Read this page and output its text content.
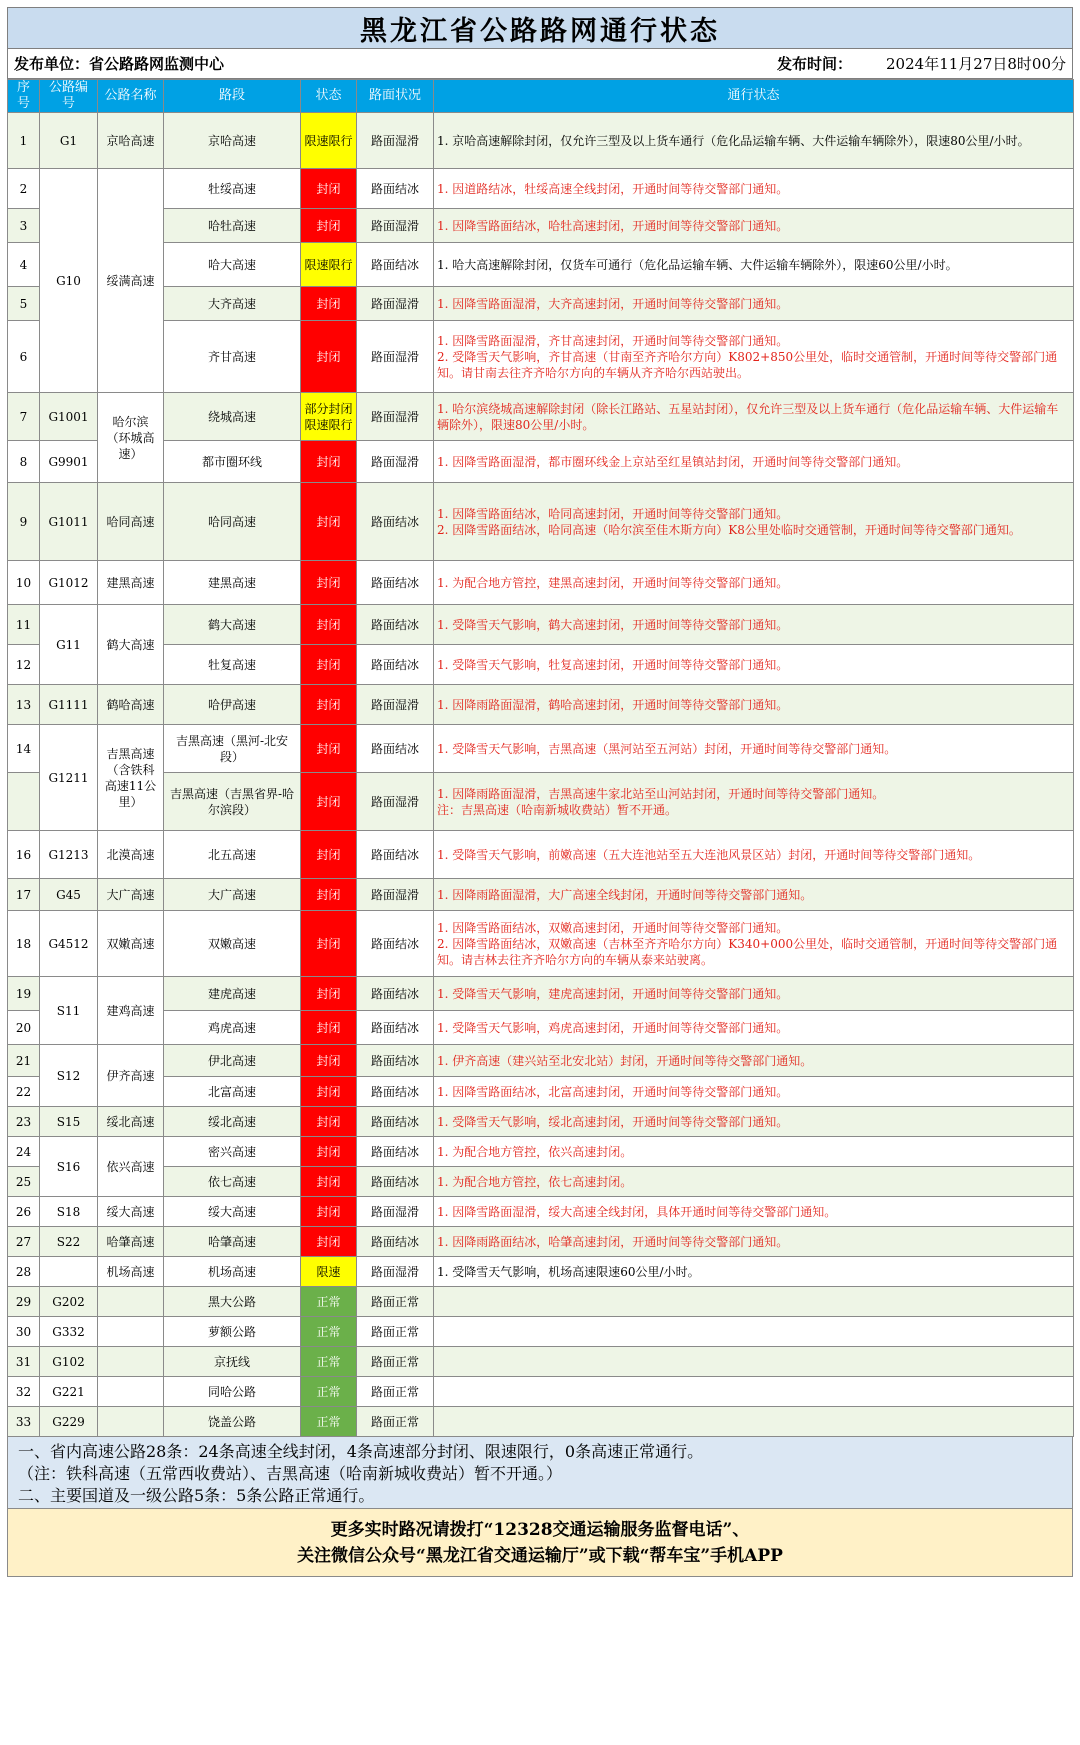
黑龙江省公路路网通行状态
发布单位：省公路路网监测中心	发布时间： 2024年11月27日8时00分
序号	公路编号	公路名称	路段	状态	路面状况	通行状态
1	G1	京哈高速	京哈高速	限速限行	路面湿滑	1. 京哈高速解除封闭，仅允许三型及以上货车通行（危化品运输车辆、大件运输车辆除外），限速80公里/小时。

2	G10	绥满高速	牡绥高速	封闭	路面结冰	1. 因道路结冰，牡绥高速全线封闭，开通时间等待交警部门通知。

3			哈牡高速	封闭	路面湿滑	1. 因降雪路面结冰，哈牡高速封闭，开通时间等待交警部门通知。

4			哈大高速	限速限行	路面结冰	1. 哈大高速解除封闭，仅货车可通行（危化品运输车辆、大件运输车辆除外），限速60公里/小时。

5			大齐高速	封闭	路面湿滑	1. 因降雪路面湿滑，大齐高速封闭，开通时间等待交警部门通知。

6			齐甘高速	封闭	路面湿滑	1. 因降雪路面湿滑，齐甘高速封闭，开通时间等待交警部门通知。
2. 受降雪天气影响，齐甘高速（甘南至齐齐哈尔方向）K802+850公里处，临时交通管制，开通时间等待交警部门通知。请甘南去往齐齐哈尔方向的车辆从齐齐哈尔西站驶出。

7	G1001	哈尔滨（环城高速）	绕城高速	部分封闭限速限行	路面湿滑	1. 哈尔滨绕城高速解除封闭（除长江路站、五星站封闭），仅允许三型及以上货车通行（危化品运输车辆、大件运输车辆除外），限速80公里/小时。

8	G9901		都市圈环线	封闭	路面湿滑	1. 因降雪路面湿滑，都市圈环线金上京站至红星镇站封闭，开通时间等待交警部门通知。

9	G1011	哈同高速	哈同高速	封闭	路面结冰	1. 因降雪路面结冰，哈同高速封闭，开通时间等待交警部门通知。
2. 因降雪路面结冰，哈同高速（哈尔滨至佳木斯方向）K8公里处临时交通管制，开通时间等待交警部门通知。

10	G1012	建黑高速	建黑高速	封闭	路面结冰	1. 为配合地方管控，建黑高速封闭，开通时间等待交警部门通知。

11	G11	鹤大高速	鹤大高速	封闭	路面结冰	1. 受降雪天气影响，鹤大高速封闭，开通时间等待交警部门通知。

12			牡复高速	封闭	路面结冰	1. 受降雪天气影响，牡复高速封闭，开通时间等待交警部门通知。

13	G1111	鹤哈高速	哈伊高速	封闭	路面湿滑	1. 因降雨路面湿滑，鹤哈高速封闭，开通时间等待交警部门通知。

14	G1211	吉黑高速（含铁科高速11公里）	吉黑高速（黑河-北安段）	封闭	路面结冰	1. 受降雪天气影响，吉黑高速（黑河站至五河站）封闭，开通时间等待交警部门通知。

			吉黑高速（吉黑省界-哈尔滨段）	封闭	路面湿滑	1. 因降雨路面湿滑，吉黑高速牛家北站至山河站封闭，开通时间等待交警部门通知。
注：吉黑高速（哈南新城收费站）暂不开通。

16	G1213	北漠高速	北五高速	封闭	路面结冰	1. 受降雪天气影响，前嫩高速（五大连池站至五大连池风景区站）封闭，开通时间等待交警部门通知。

17	G45	大广高速	大广高速	封闭	路面湿滑	1. 因降雨路面湿滑，大广高速全线封闭，开通时间等待交警部门通知。

18	G4512	双嫩高速	双嫩高速	封闭	路面结冰	1. 因降雪路面结冰，双嫩高速封闭，开通时间等待交警部门通知。
2. 因降雪路面结冰，双嫩高速（吉林至齐齐哈尔方向）K340+000公里处，临时交通管制，开通时间等待交警部门通知。请吉林去往齐齐哈尔方向的车辆从泰来站驶离。

19	S11	建鸡高速	建虎高速	封闭	路面结冰	1. 受降雪天气影响，建虎高速封闭，开通时间等待交警部门通知。

20			鸡虎高速	封闭	路面结冰	1. 受降雪天气影响，鸡虎高速封闭，开通时间等待交警部门通知。

21	S12	伊齐高速	伊北高速	封闭	路面结冰	1. 伊齐高速（建兴站至北安北站）封闭，开通时间等待交警部门通知。

22			北富高速	封闭	路面结冰	1. 因降雪路面结冰，北富高速封闭，开通时间等待交警部门通知。

23	S15	绥北高速	绥北高速	封闭	路面结冰	1. 受降雪天气影响，绥北高速封闭，开通时间等待交警部门通知。

24	S16	依兴高速	密兴高速	封闭	路面结冰	1. 为配合地方管控，依兴高速封闭。

25			依七高速	封闭	路面结冰	1. 为配合地方管控，依七高速封闭。

26	S18	绥大高速	绥大高速	封闭	路面湿滑	1. 因降雪路面湿滑，绥大高速全线封闭，具体开通时间等待交警部门通知。

27	S22	哈肇高速	哈肇高速	封闭	路面结冰	1. 因降雨路面结冰，哈肇高速封闭，开通时间等待交警部门通知。

28		机场高速	机场高速	限速	路面湿滑	1. 受降雪天气影响，机场高速限速60公里/小时。

29	G202		黑大公路	正常	路面正常	
30	G332		萝额公路	正常	路面正常	
31	G102		京抚线	正常	路面正常	
32	G221		同哈公路	正常	路面正常	
33	G229		饶盖公路	正常	路面正常	
一、省内高速公路28条：24条高速全线封闭，4条高速部分封闭、限速限行，0条高速正常通行。
（注：铁科高速（五常西收费站）、吉黑高速（哈南新城收费站）暂不开通。）
二、主要国道及一级公路5条：5条公路正常通行。
更多实时路况请拨打“12328交通运输服务监督电话”、
关注微信公众号“黑龙江省交通运输厅”或下载“帮车宝”手机APP
